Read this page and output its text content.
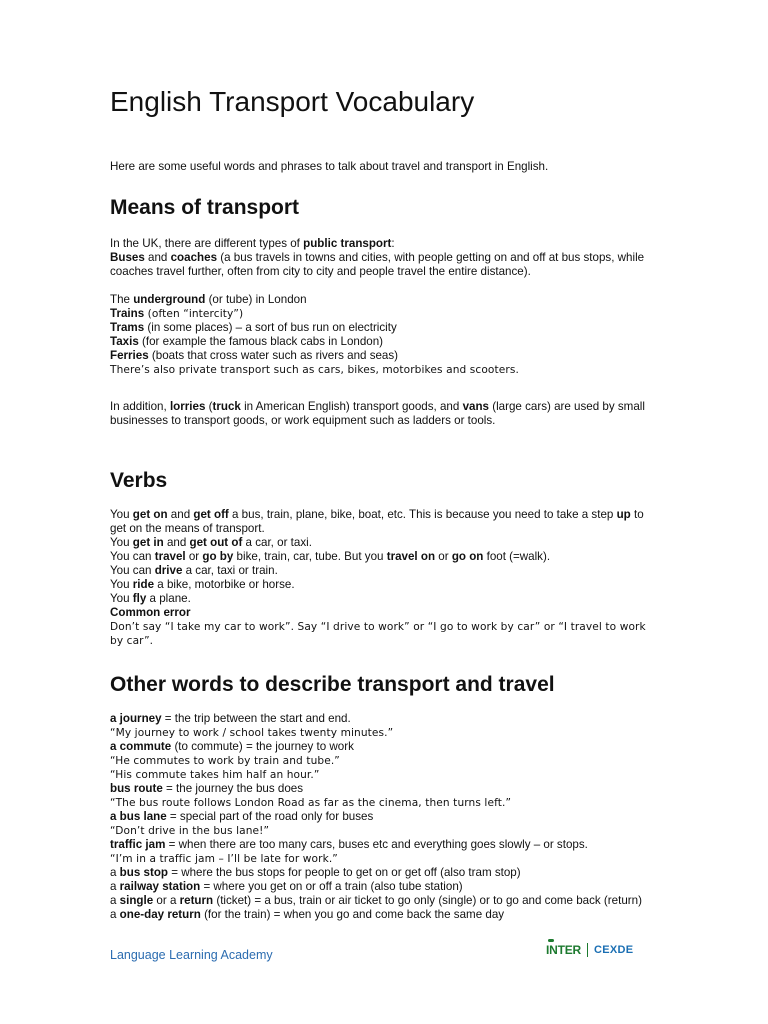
English Transport Vocabulary

Here are some useful words and phrases to talk about travel and transport in English.

Means of transport
In the UK, there are different types of public transport:
Buses and coaches (a bus travels in towns and cities, with people getting on and off at bus stops, while coaches travel further, often from city to city and people travel the entire distance).
The underground (or tube) in London
Trains (often “intercity”)
Trams (in some places) – a sort of bus run on electricity
Taxis (for example the famous black cabs in London)
Ferries (boats that cross water such as rivers and seas)
There’s also private transport such as cars, bikes, motorbikes and scooters.
In addition, lorries (truck in American English) transport goods, and vans (large cars) are used by small businesses to transport goods, or work equipment such as ladders or tools.
Verbs
You get on and get off a bus, train, plane, bike, boat, etc. This is because you need to take a step up to get on the means of transport.
You get in and get out of a car, or taxi.
You can travel or go by bike, train, car, tube. But you travel on or go on foot (=walk).
You can drive a car, taxi or train.
You ride a bike, motorbike or horse.
You fly a plane.
Common error
Don’t say “I take my car to work”. Say “I drive to work” or “I go to work by car” or “I travel to work by car”.
Other words to describe transport and travel
a journey = the trip between the start and end.
“My journey to work / school takes twenty minutes.”
a commute (to commute) = the journey to work
“He commutes to work by train and tube.”
“His commute takes him half an hour.”
bus route = the journey the bus does
“The bus route follows London Road as far as the cinema, then turns left.”
a bus lane = special part of the road only for buses
“Don’t drive in the bus lane!”
traffic jam = when there are too many cars, buses etc and everything goes slowly – or stops.
“I’m in a traffic jam – I’ll be late for work.”
a bus stop = where the bus stops for people to get on or get off (also tram stop)
a railway station = where you get on or off a train (also tube station)
a single or a return (ticket) = a bus, train or air ticket to go only (single) or to go and come back (return)
a one-day return (for the train) = when you go and come back the same day
Language Learning Academy	INTER CEXDE
